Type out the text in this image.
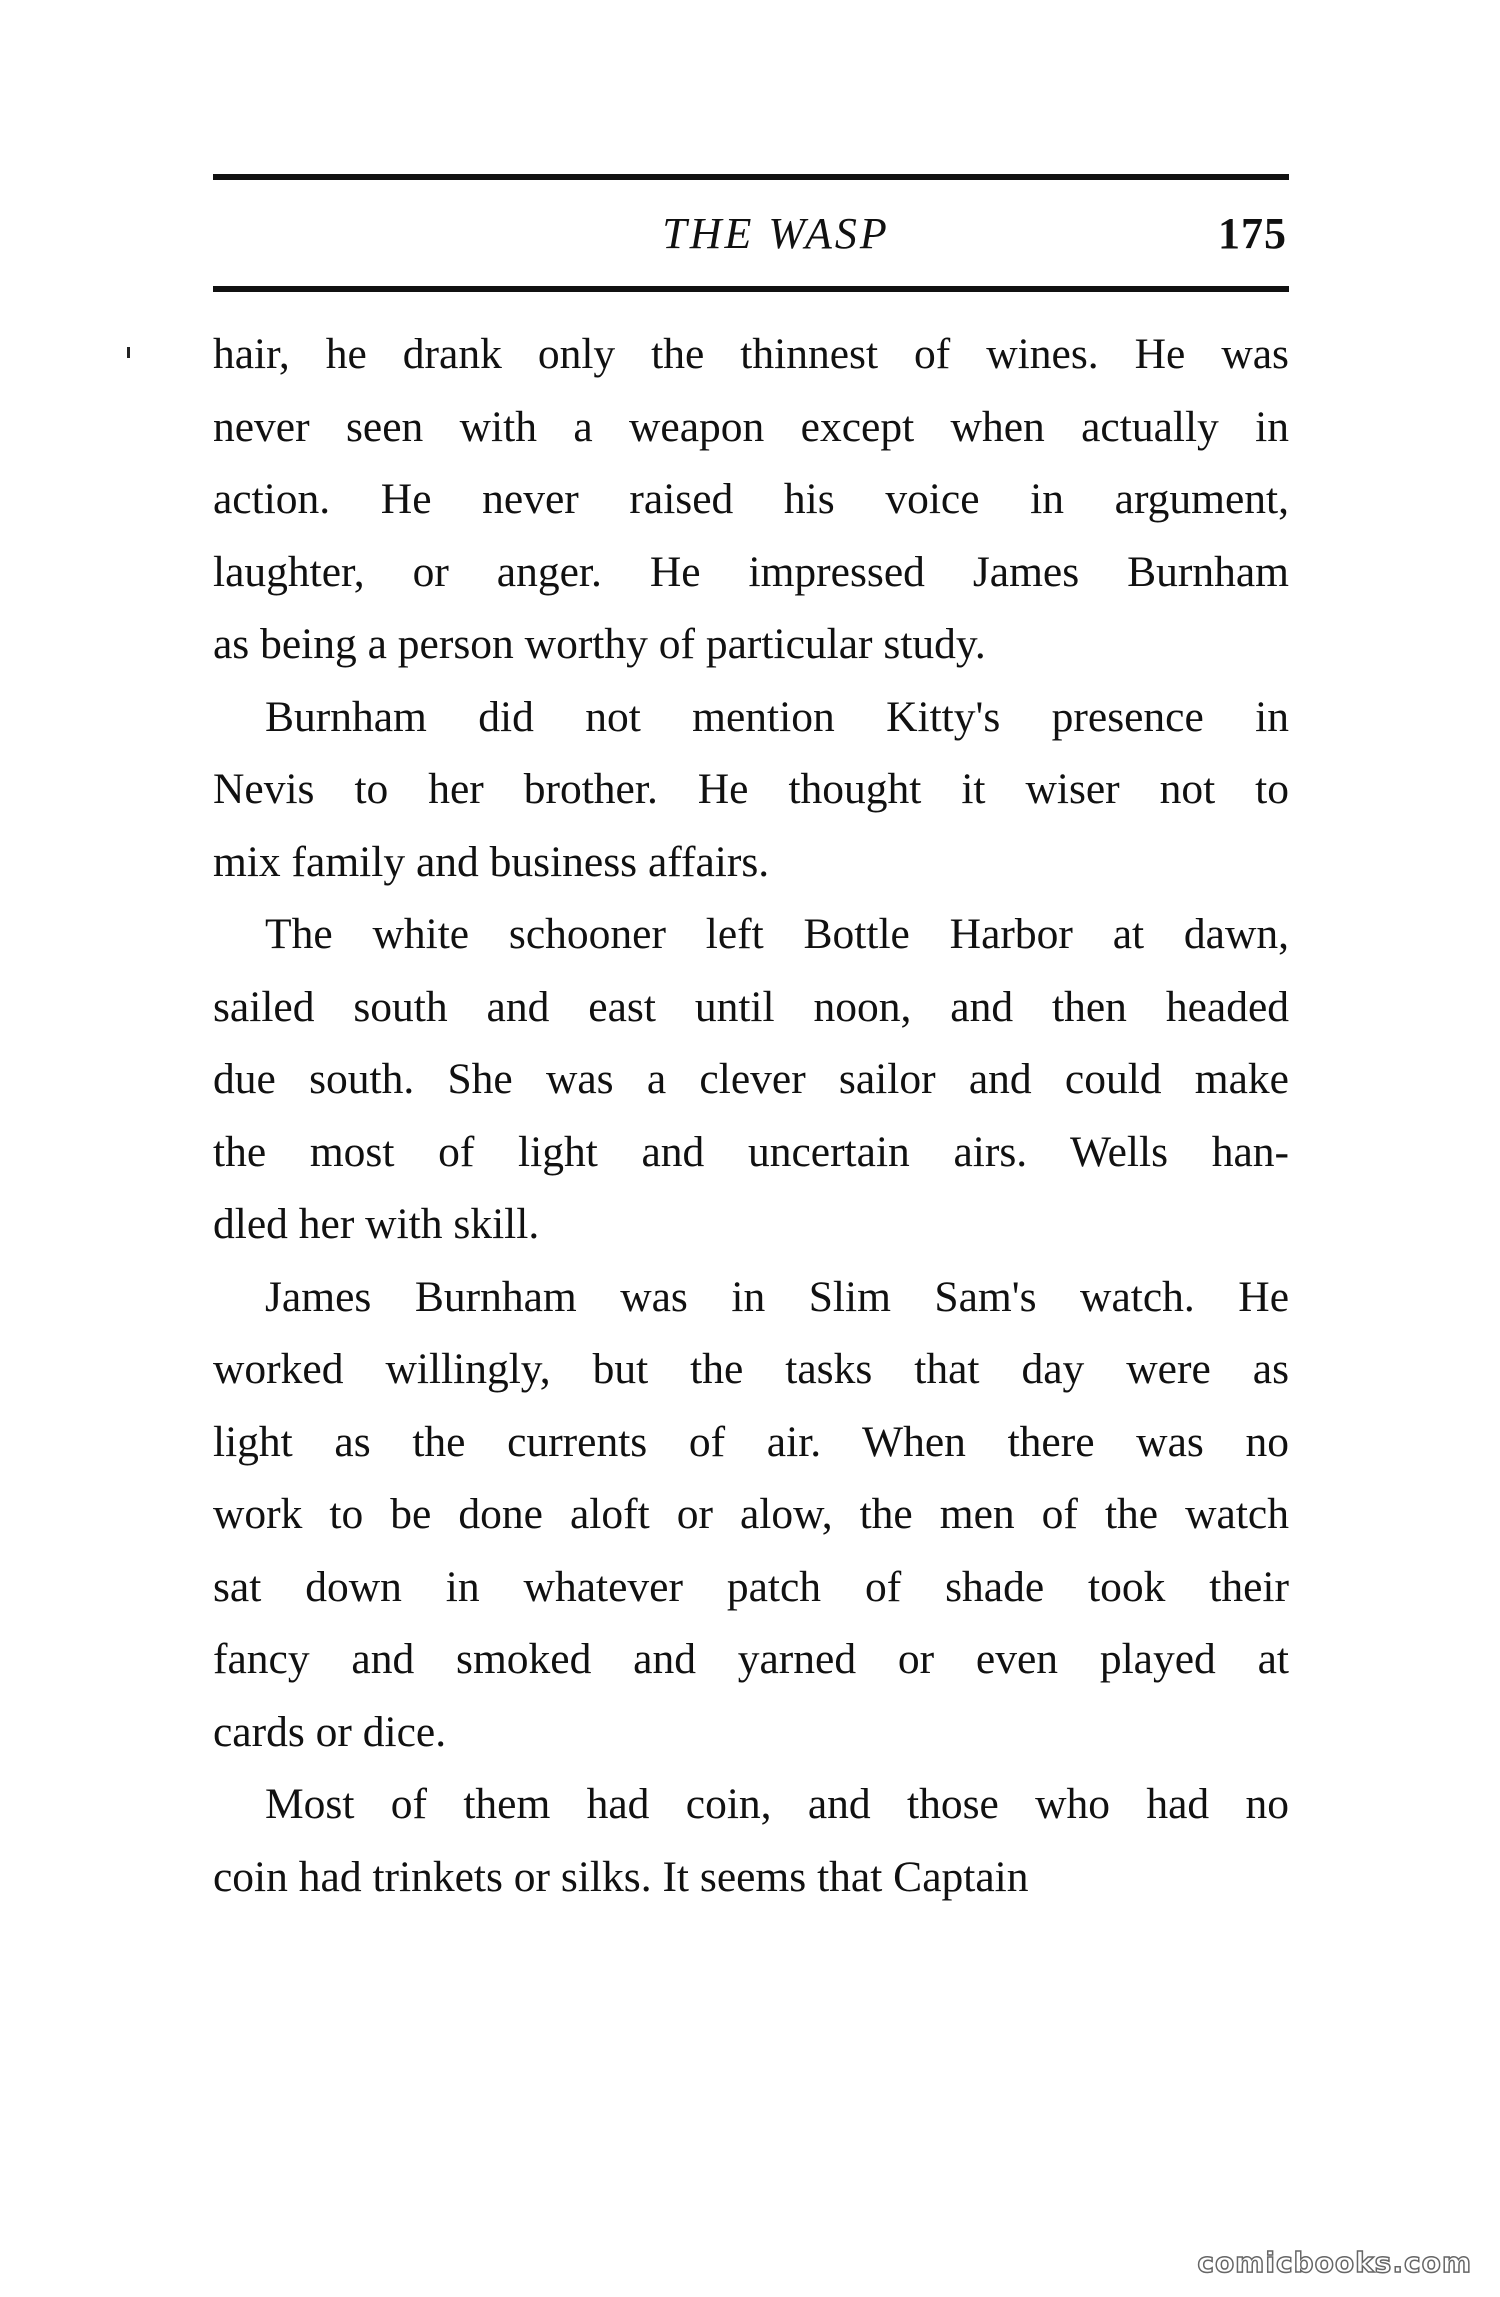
THE WASP	175

hair, he drank only the thinnest of wines. He was
never seen with a weapon except when actually in
action. He never raised his voice in argument,
laughter, or anger. He impressed James Burnham
as being a person worthy of particular study.

Burnham did not mention Kitty's presence in
Nevis to her brother. He thought it wiser not to
mix family and business affairs.

The white schooner left Bottle Harbor at dawn,
sailed south and east until noon, and then headed
due south. She was a clever sailor and could make
the most of light and uncertain airs. Wells han-
dled her with skill.

James Burnham was in Slim Sam's watch. He
worked willingly, but the tasks that day were as
light as the currents of air. When there was no
work to be done aloft or alow, the men of the watch
sat down in whatever patch of shade took their
fancy and smoked and yarned or even played at
cards or dice.

Most of them had coin, and those who had no
coin had trinkets or silks. It seems that Captain

comicbooks.com
